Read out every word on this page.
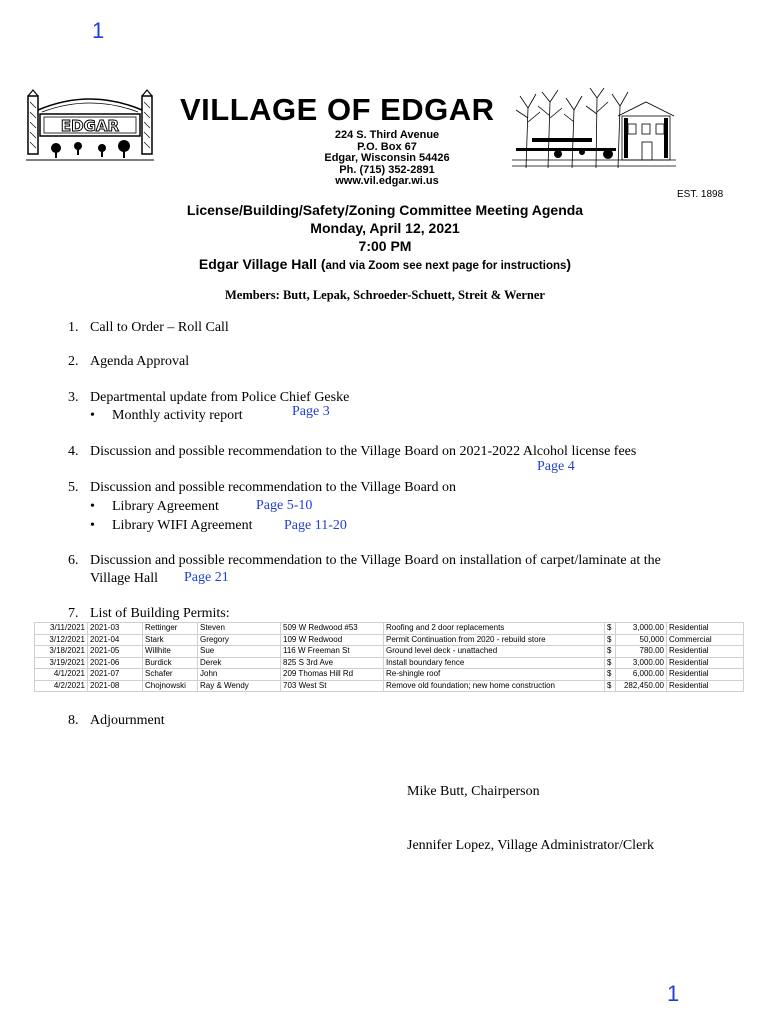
1
1
EDGAR VILLAGE OF EDGAR
224 S. Third Avenue
P.O. Box 67
Edgar, Wisconsin 54426
Ph. (715) 352-2891
www.vil.edgar.wi.us
EST. 1898
License/Building/Safety/Zoning Committee Meeting Agenda
Monday, April 12, 2021
7:00 PM
Edgar Village Hall (and via Zoom see next page for instructions)
Members: Butt, Lepak, Schroeder-Schuett, Streit & Werner
1. Call to Order – Roll Call
2. Agenda Approval
3. Departmental update from Police Chief Geske
• Monthly activity report	Page 3
4. Discussion and possible recommendation to the Village Board on 2021-2022 Alcohol license fees
Page 4
5. Discussion and possible recommendation to the Village Board on
• Library Agreement	Page 5-10
• Library WIFI Agreement Page 11-20
6. Discussion and possible recommendation to the Village Board on installation of carpet/laminate at the
Village Hall Page 21
7. List of Building Permits:
3/11/2021	2021-03	Rettinger	Steven	509 W Redwood #53	Roofing and 2 door replacements	$	3,000.00	Residential
3/12/2021	2021-04	Stark	Gregory	109 W Redwood	Permit Continuation from 2020 - rebuild store	$	50,000	Commercial
3/18/2021	2021-05	Willhite	Sue	116 W Freeman St	Ground level deck - unattached	$	780.00	Residential
3/19/2021	2021-06	Burdick	Derek	825 S 3rd Ave	Install boundary fence	$	3,000.00	Residential
4/1/2021	2021-07	Schafer	John	209 Thomas Hill Rd	Re-shingle roof	$	6,000.00	Residential
4/2/2021	2021-08	Chojnowski	Ray & Wendy	703 West St	Remove old foundation; new home construction	$	282,450.00	Residential
8. Adjournment
Mike Butt, Chairperson
Jennifer Lopez, Village Administrator/Clerk
